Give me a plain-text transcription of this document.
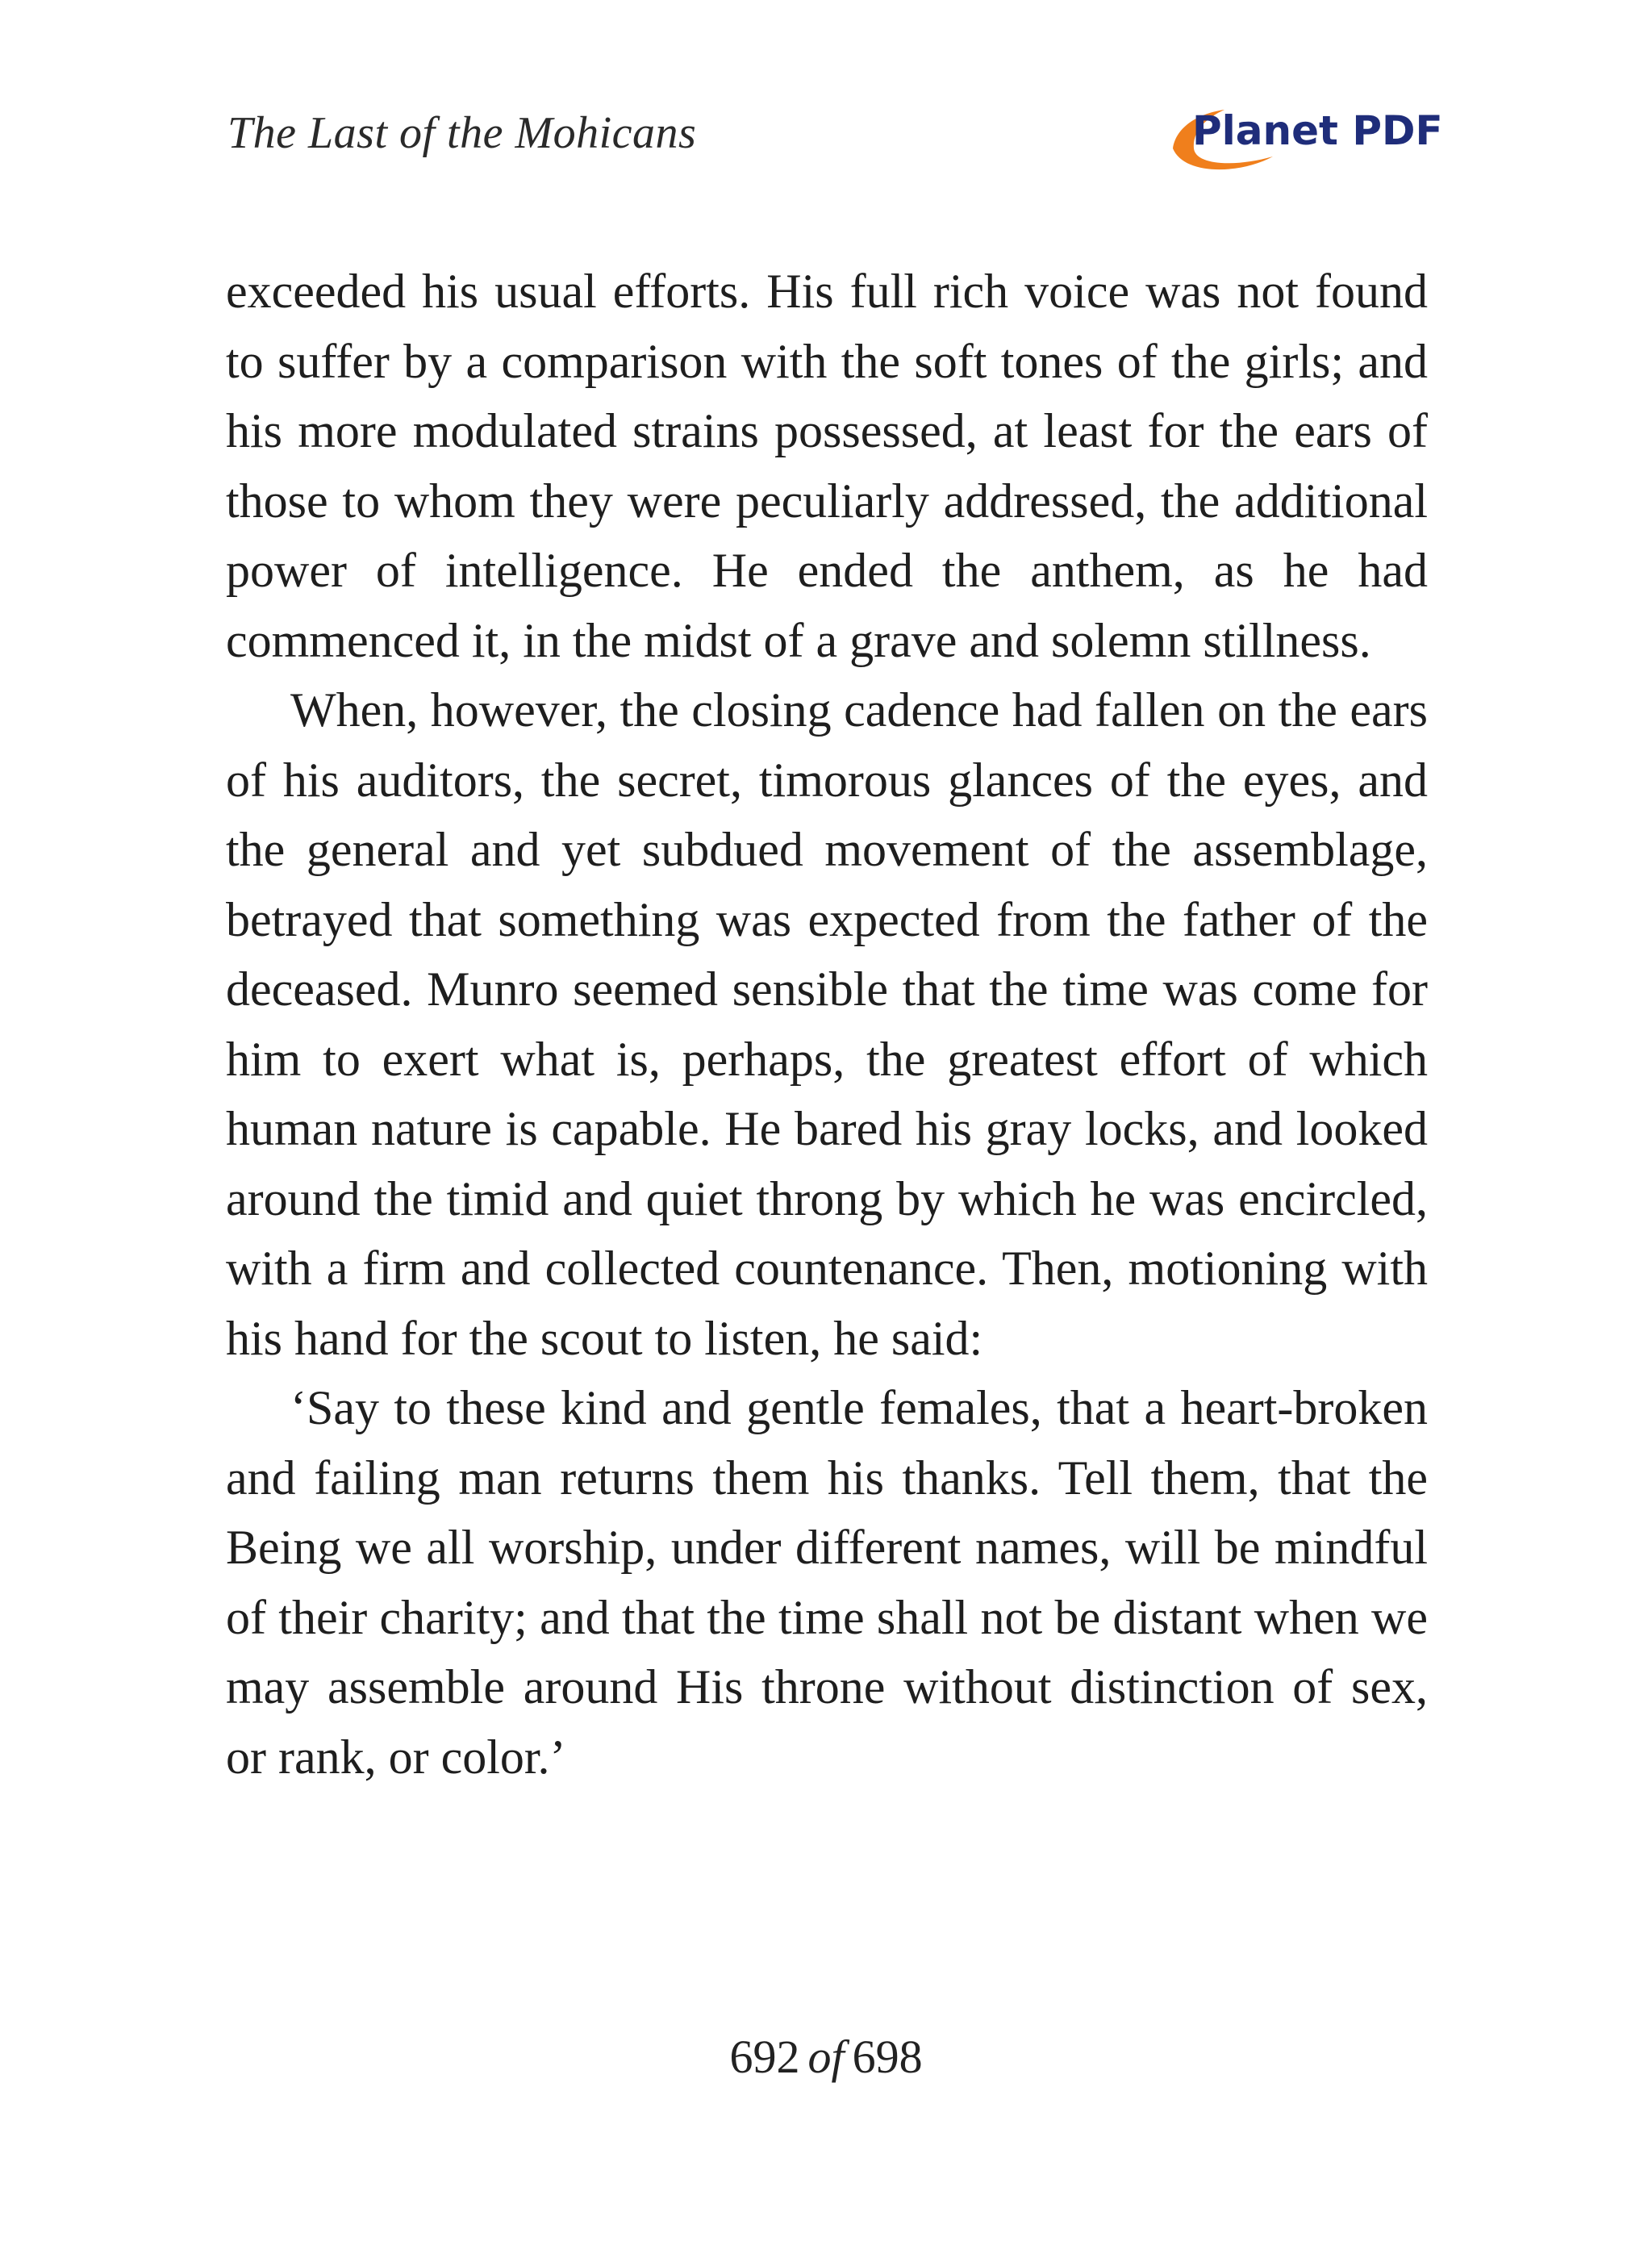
The Last of the Mohicans	Planet PDF

exceeded his usual efforts. His full rich voice was not found to suffer by a comparison with the soft tones of the girls; and his more modulated strains possessed, at least for the ears of those to whom they were peculiarly addressed, the additional power of intelligence. He ended the anthem, as he had commenced it, in the midst of a grave and solemn stillness.

When, however, the closing cadence had fallen on the ears of his auditors, the secret, timorous glances of the eyes, and the general and yet subdued movement of the assemblage, betrayed that something was expected from the father of the deceased. Munro seemed sensible that the time was come for him to exert what is, perhaps, the greatest effort of which human nature is capable. He bared his gray locks, and looked around the timid and quiet throng by which he was encircled, with a firm and collected countenance. Then, motioning with his hand for the scout to listen, he said:

‘Say to these kind and gentle females, that a heart-broken and failing man returns them his thanks. Tell them, that the Being we all worship, under different names, will be mindful of their charity; and that the time shall not be distant when we may assemble around His throne without distinction of sex, or rank, or color.’

692 of 698
